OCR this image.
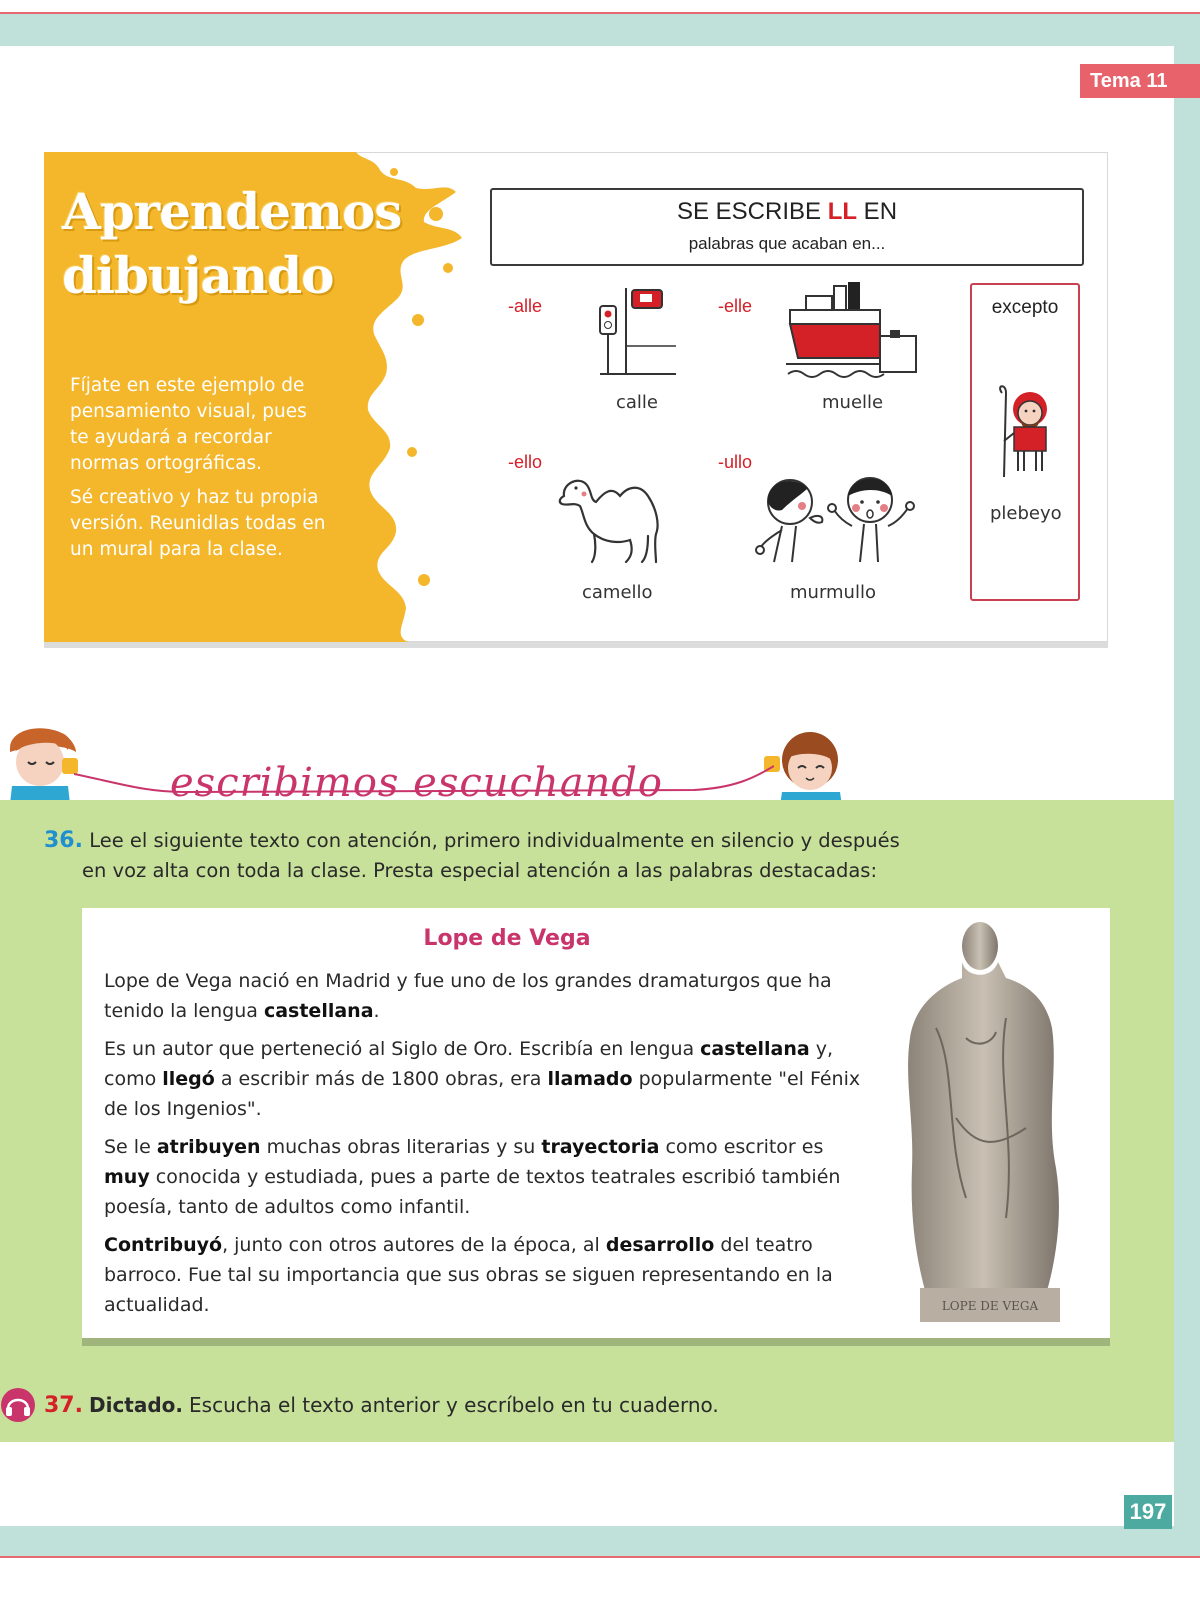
Tema 11
Aprendemos
dibujando

Fíjate en este ejemplo de pensamiento visual, pues te ayudará a recordar normas ortográficas.

Sé creativo y haz tu propia versión. Reunidlas todas en un mural para la clase.

SE ESCRIBE LL EN
palabras que acaban en...
-alle	-elle
-ello	-ullo
calle	muelle
camello	murmullo
excepto
plebeyo
escribimos escuchando
36. Lee el siguiente texto con atención, primero individualmente en silencio y después
en voz alta con toda la clase. Presta especial atención a las palabras destacadas:
Lope de Vega

Lope de Vega nació en Madrid y fue uno de los grandes dramaturgos que ha tenido la lengua castellana.

Es un autor que perteneció al Siglo de Oro. Escribía en lengua castellana y, como llegó a escribir más de 1800 obras, era llamado popularmente "el Fénix de los Ingenios".

Se le atribuyen muchas obras literarias y su trayectoria como escritor es muy conocida y estudiada, pues a parte de textos teatrales escribió también poesía, tanto de adultos como infantil.

Contribuyó, junto con otros autores de la época, al desarrollo del teatro barroco. Fue tal su importancia que sus obras se siguen representando en la actualidad.	LOPE DE VEGA
37. Dictado. Escucha el texto anterior y escríbelo en tu cuaderno.
197
